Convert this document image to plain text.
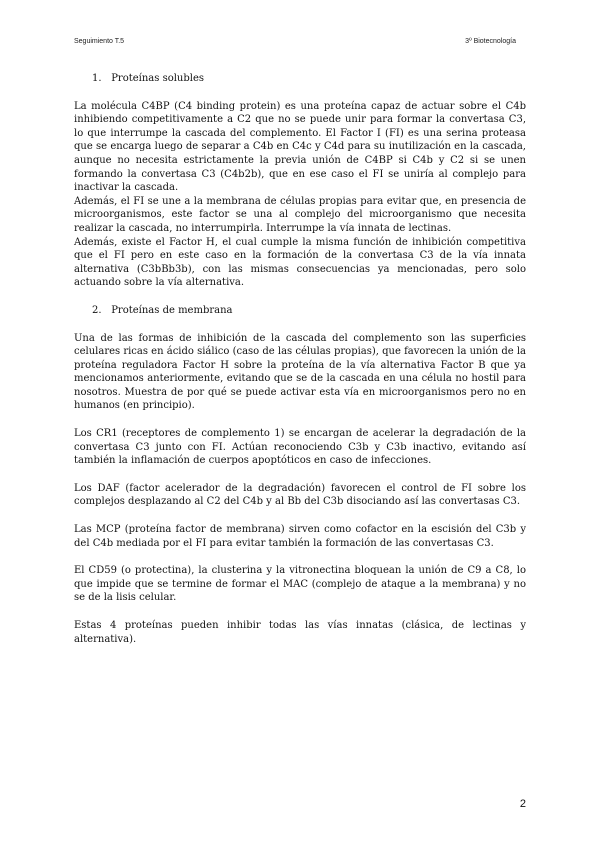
Seguimiento T.5	3º Biotecnología
1. Proteínas solubles

La molécula C4BP (C4 binding protein) es una proteína capaz de actuar sobre el C4b inhibiendo competitivamente a C2 que no se puede unir para formar la convertasa C3, lo que interrumpe la cascada del complemento. El Factor I (FI) es una serina proteasa que se encarga luego de separar a C4b en C4c y C4d para su inutilización en la cascada, aunque no necesita estrictamente la previa unión de C4BP si C4b y C2 si se unen formando la convertasa C3 (C4b2b), que en ese caso el FI se uniría al complejo para inactivar la cascada.

Además, el FI se une a la membrana de células propias para evitar que, en presencia de microorganismos, este factor se una al complejo del microorganismo que necesita realizar la cascada, no interrumpirla. Interrumpe la vía innata de lectinas.

Además, existe el Factor H, el cual cumple la misma función de inhibición competitiva que el FI pero en este caso en la formación de la convertasa C3 de la vía innata alternativa (C3bBb3b), con las mismas consecuencias ya mencionadas, pero solo actuando sobre la vía alternativa.

2. Proteínas de membrana

Una de las formas de inhibición de la cascada del complemento son las superficies celulares ricas en ácido siálico (caso de las células propias), que favorecen la unión de la proteína reguladora Factor H sobre la proteína de la vía alternativa Factor B que ya mencionamos anteriormente, evitando que se de la cascada en una célula no hostil para nosotros. Muestra de por qué se puede activar esta vía en microorganismos pero no en humanos (en principio).

Los CR1 (receptores de complemento 1) se encargan de acelerar la degradación de la convertasa C3 junto con FI. Actúan reconociendo C3b y C3b inactivo, evitando así también la inflamación de cuerpos apoptóticos en caso de infecciones.

Los DAF (factor acelerador de la degradación) favorecen el control de FI sobre los complejos desplazando al C2 del C4b y al Bb del C3b disociando así las convertasas C3.

Las MCP (proteína factor de membrana) sirven como cofactor en la escisión del C3b y del C4b mediada por el FI para evitar también la formación de las convertasas C3.

El CD59 (o protectina), la clusterina y la vitronectina bloquean la unión de C9 a C8, lo que impide que se termine de formar el MAC (complejo de ataque a la membrana) y no se de la lisis celular.

Estas 4 proteínas pueden inhibir todas las vías innatas (clásica, de lectinas y alternativa).

2
